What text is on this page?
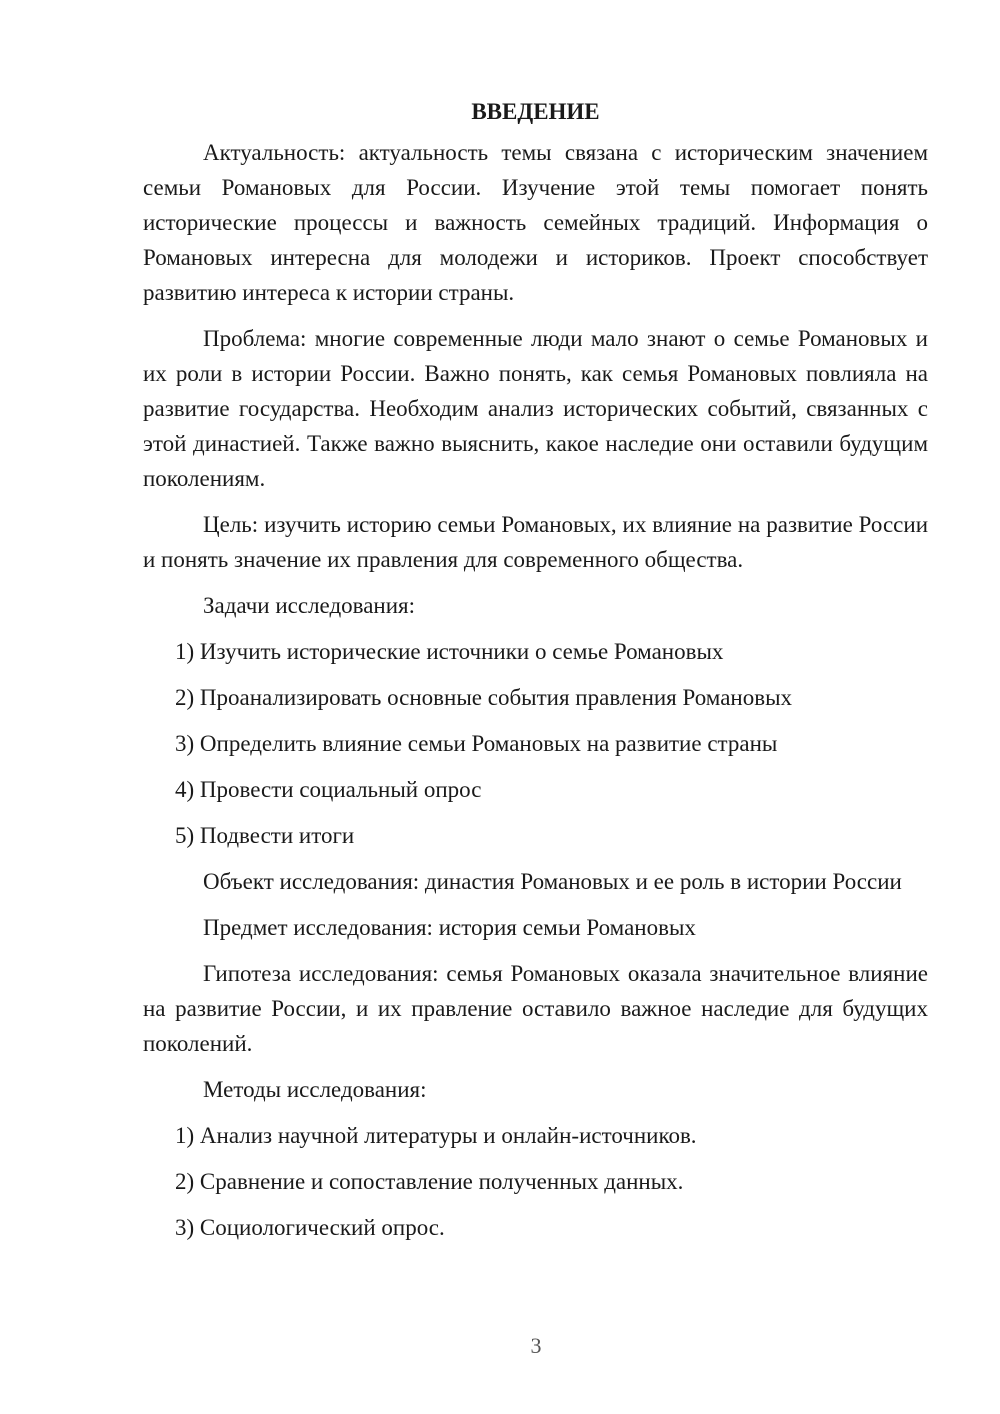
ВВЕДЕНИЕ

Актуальность: актуальность темы связана с историческим значением семьи Романовых для России. Изучение этой темы помогает понять исторические процессы и важность семейных традиций. Информация о Романовых интересна для молодежи и историков. Проект способствует развитию интереса к истории страны.

Проблема: многие современные люди мало знают о семье Романовых и их роли в истории России. Важно понять, как семья Романовых повлияла на развитие государства. Необходим анализ исторических событий, связанных с этой династией. Также важно выяснить, какое наследие они оставили будущим поколениям.

Цель: изучить историю семьи Романовых, их влияние на развитие России и понять значение их правления для современного общества.

Задачи исследования:

1) Изучить исторические источники о семье Романовых
2) Проанализировать основные события правления Романовых
3) Определить влияние семьи Романовых на развитие страны
4) Провести социальный опрос
5) Подвести итоги

Объект исследования: династия Романовых и ее роль в истории России

Предмет исследования: история семьи Романовых

Гипотеза исследования: семья Романовых оказала значительное влияние на развитие России, и их правление оставило важное наследие для будущих поколений.

Методы исследования:

1) Анализ научной литературы и онлайн-источников.
2) Сравнение и сопоставление полученных данных.
3) Социологический опрос.
3
